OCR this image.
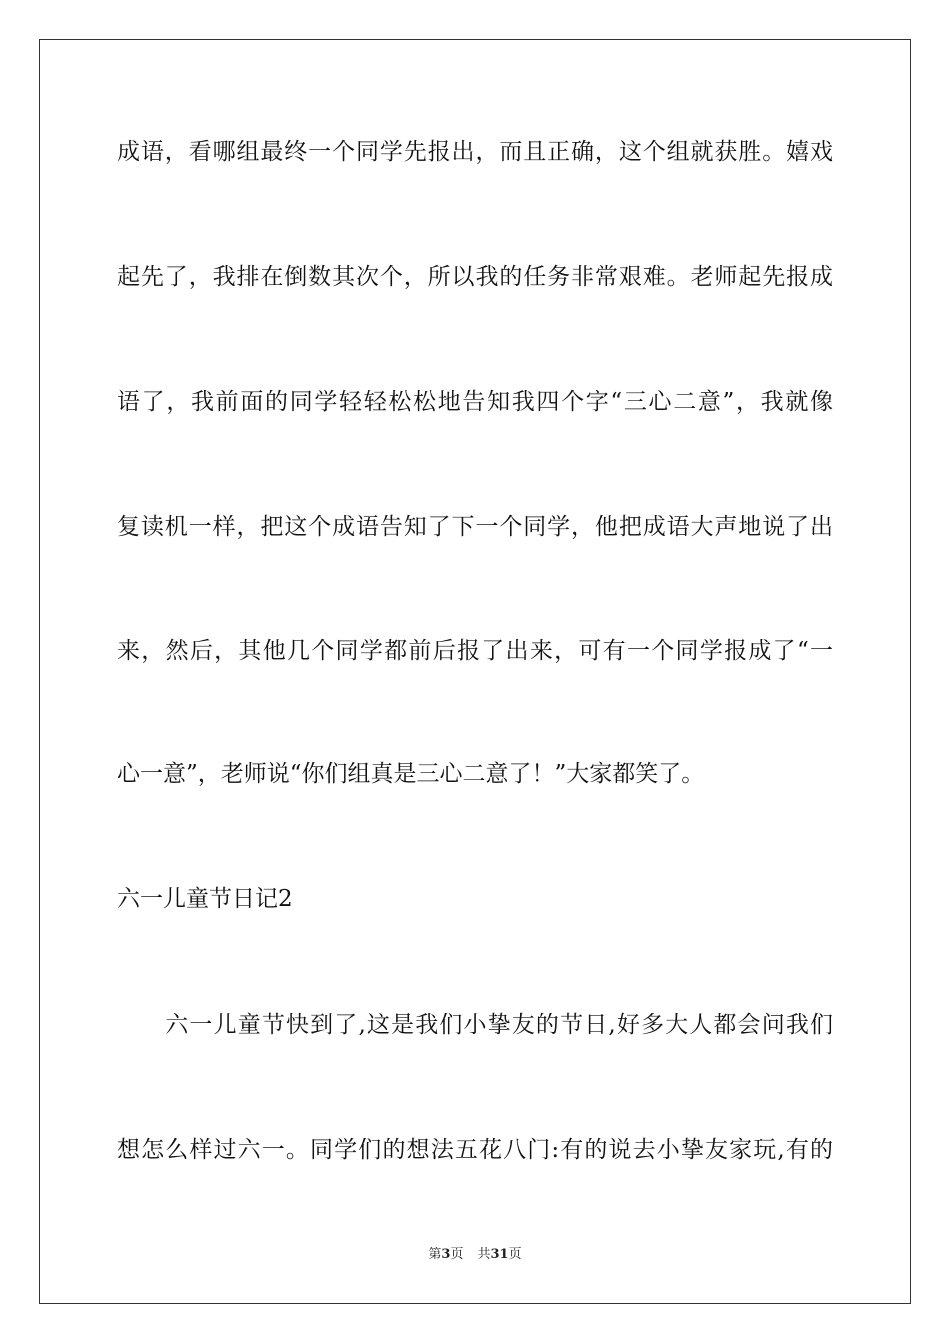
成语，看哪组最终一个同学先报出，而且正确，这个组就获胜。嬉戏
起先了，我排在倒数其次个，所以我的任务非常艰难。老师起先报成
语了，我前面的同学轻轻松松地告知我四个字“三心二意”，我就像
复读机一样，把这个成语告知了下一个同学，他把成语大声地说了出
来，然后，其他几个同学都前后报了出来，可有一个同学报成了“一
心一意”，老师说“你们组真是三心二意了！”大家都笑了。
六一儿童节日记2
　　六一儿童节快到了,这是我们小挚友的节日,好多大人都会问我们
想怎么样过六一。同学们的想法五花八门:有的说去小挚友家玩,有的
第3页 共31页
